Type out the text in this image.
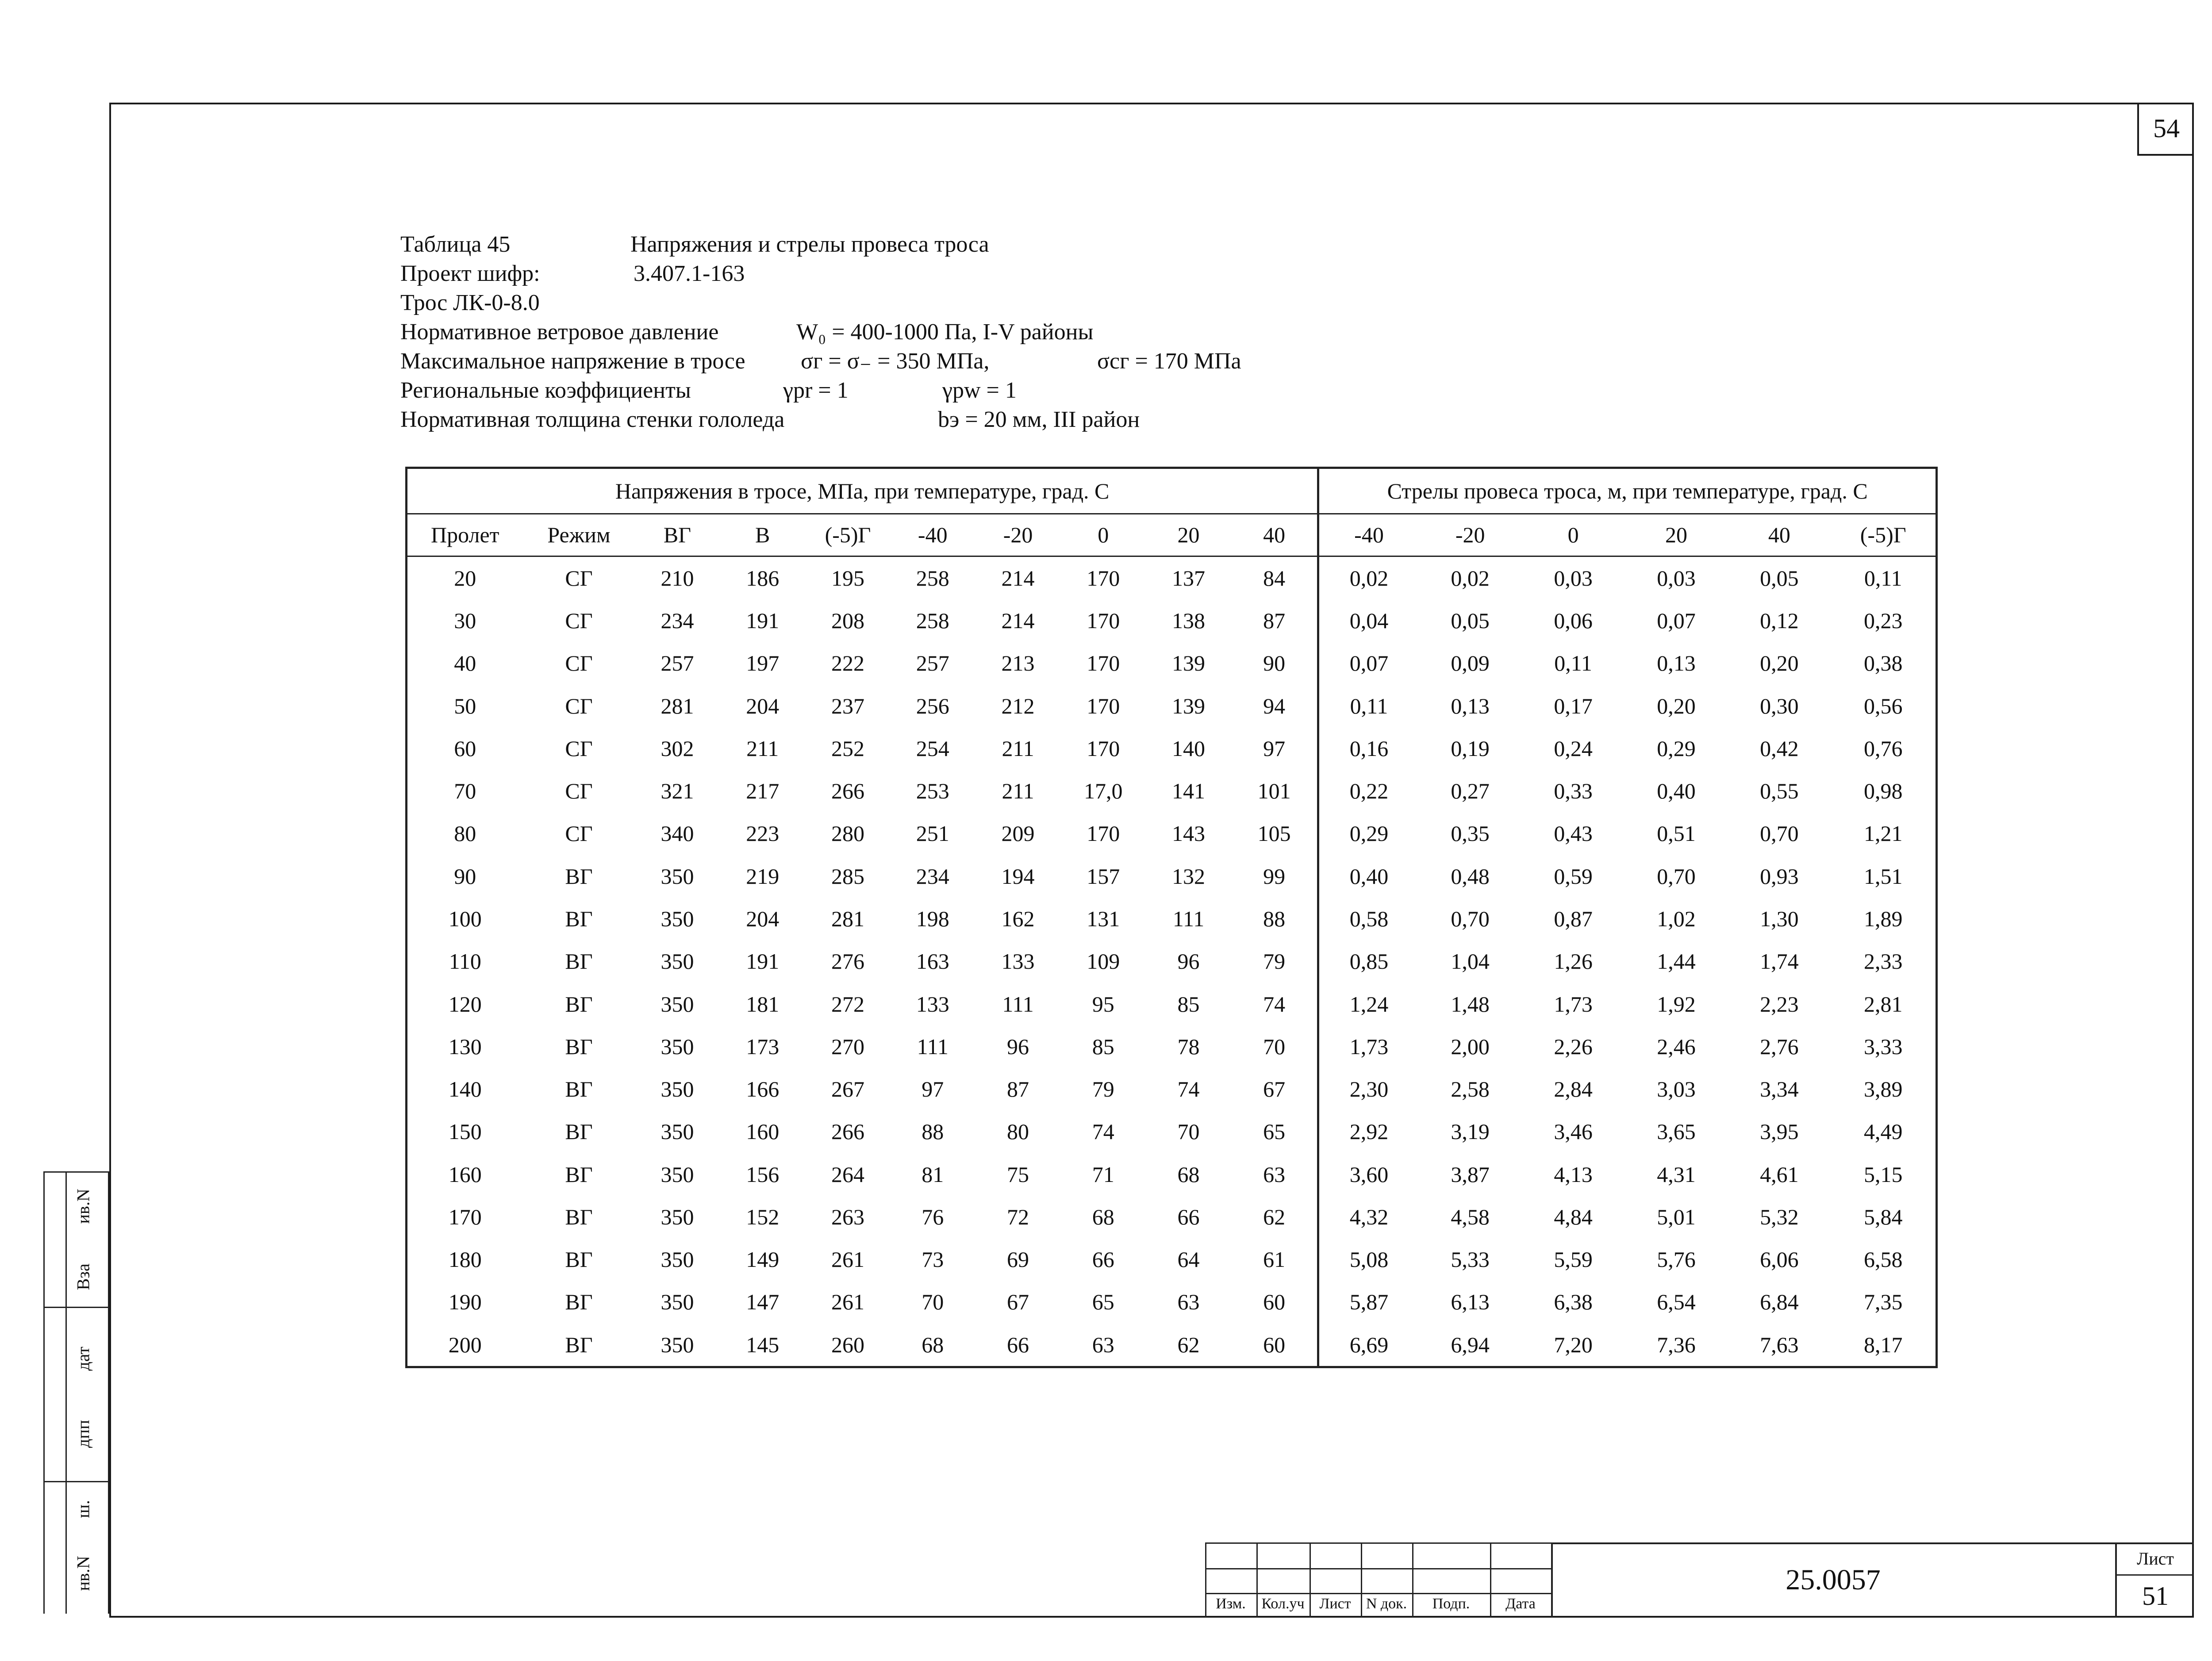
54
Таблица 45	Напряжения и стрелы провеса троса
Проект шифр:	3.407.1-163
Трос ЛК-0-8.0
Нормативное ветровое давление	W₀ = 400-1000 Па, I-V районы
Максимальное напряжение в тросе σг = σ₋ = 350 МПа,	σсг = 170 МПа
Региональные коэффициенты	γpr = 1	γpw = 1
Нормативная толщина стенки гололеда	bэ = 20 мм, III район
Напряжения в тросе, МПа, при температуре, град. С										Стрелы провеса троса, м, при температуре, град. С					
Пролет	Режим	ВГ	В	(-5)Г	-40	-20	0	20	40	-40	-20	0	20	40	(-5)Г
20	СГ	210	186	195	258	214	170	137	84	0,02	0,02	0,03	0,03	0,05	0,11
30	СГ	234	191	208	258	214	170	138	87	0,04	0,05	0,06	0,07	0,12	0,23
40	СГ	257	197	222	257	213	170	139	90	0,07	0,09	0,11	0,13	0,20	0,38
50	СГ	281	204	237	256	212	170	139	94	0,11	0,13	0,17	0,20	0,30	0,56
60	СГ	302	211	252	254	211	170	140	97	0,16	0,19	0,24	0,29	0,42	0,76
70	СГ	321	217	266	253	211	17,0	141	101	0,22	0,27	0,33	0,40	0,55	0,98
80	СГ	340	223	280	251	209	170	143	105	0,29	0,35	0,43	0,51	0,70	1,21
90	ВГ	350	219	285	234	194	157	132	99	0,40	0,48	0,59	0,70	0,93	1,51
100	ВГ	350	204	281	198	162	131	111	88	0,58	0,70	0,87	1,02	1,30	1,89
110	ВГ	350	191	276	163	133	109	96	79	0,85	1,04	1,26	1,44	1,74	2,33
120	ВГ	350	181	272	133	111	95	85	74	1,24	1,48	1,73	1,92	2,23	2,81
130	ВГ	350	173	270	111	96	85	78	70	1,73	2,00	2,26	2,46	2,76	3,33
140	ВГ	350	166	267	97	87	79	74	67	2,30	2,58	2,84	3,03	3,34	3,89
150	ВГ	350	160	266	88	80	74	70	65	2,92	3,19	3,46	3,65	3,95	4,49
160	ВГ	350	156	264	81	75	71	68	63	3,60	3,87	4,13	4,31	4,61	5,15
170	ВГ	350	152	263	76	72	68	66	62	4,32	4,58	4,84	5,01	5,32	5,84
180	ВГ	350	149	261	73	69	66	64	61	5,08	5,33	5,59	5,76	6,06	6,58
190	ВГ	350	147	261	70	67	65	63	60	5,87	6,13	6,38	6,54	6,84	7,35
200	ВГ	350	145	260	68	66	63	62	60	6,69	6,94	7,20	7,36	7,63	8,17
ив.N
Вза
дат
дпп
ш.
нв.N
Изм.	Кол.уч Лист	N док.	Подп.	Дата
25.0057
Лист
51
